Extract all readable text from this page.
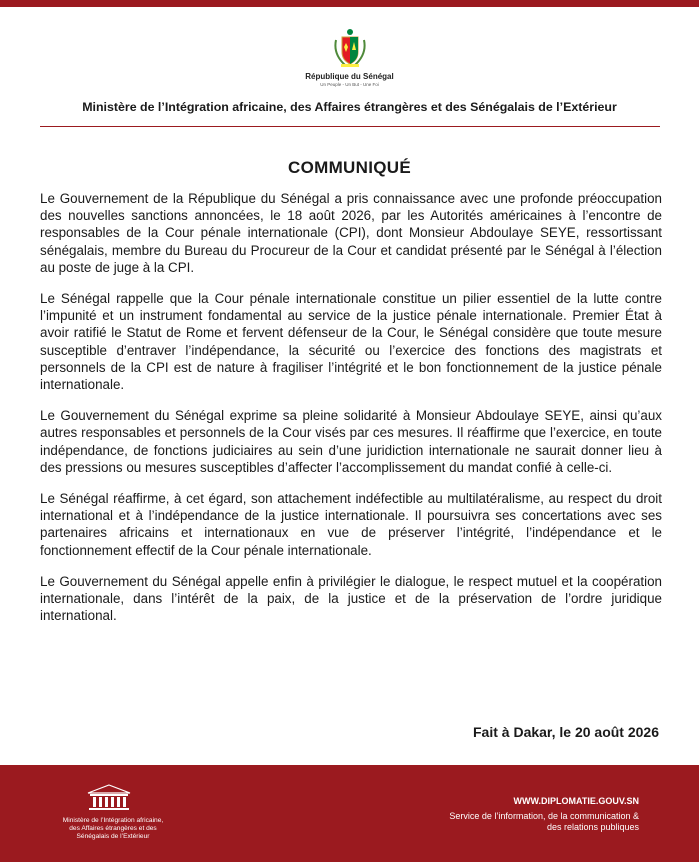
République du Sénégal
Un Peuple - Un But - Une Foi
Ministère de l’Intégration africaine, des Affaires étrangères et des Sénégalais de l’Extérieur
COMMUNIQUÉ

Le Gouvernement de la République du Sénégal a pris connaissance avec une profonde préoccupation des nouvelles sanctions annoncées, le 18 août 2026, par les Autorités américaines à l’encontre de responsables de la Cour pénale internationale (CPI), dont Monsieur Abdoulaye SEYE, ressortissant sénégalais, membre du Bureau du Procureur de la Cour et candidat présenté par le Sénégal à l’élection au poste de juge à la CPI.

Le Sénégal rappelle que la Cour pénale internationale constitue un pilier essentiel de la lutte contre l’impunité et un instrument fondamental au service de la justice pénale internationale. Premier État à avoir ratifié le Statut de Rome et fervent défenseur de la Cour, le Sénégal considère que toute mesure susceptible d’entraver l’indépendance, la sécurité ou l’exercice des fonctions des magistrats et personnels de la CPI est de nature à fragiliser l’intégrité et le bon fonctionnement de la justice pénale internationale.

Le Gouvernement du Sénégal exprime sa pleine solidarité à Monsieur Abdoulaye SEYE, ainsi qu’aux autres responsables et personnels de la Cour visés par ces mesures. Il réaffirme que l’exercice, en toute indépendance, de fonctions judiciaires au sein d’une juridiction internationale ne saurait donner lieu à des pressions ou mesures susceptibles d’affecter l’accomplissement du mandat confié à celle-ci.

Le Sénégal réaffirme, à cet égard, son attachement indéfectible au multilatéralisme, au respect du droit international et à l’indépendance de la justice internationale. Il poursuivra ses concertations avec ses partenaires africains et internationaux en vue de préserver l’intégrité, l’indépendance et le fonctionnement effectif de la Cour pénale internationale.

Le Gouvernement du Sénégal appelle enfin à privilégier le dialogue, le respect mutuel et la coopération internationale, dans l’intérêt de la paix, de la justice et de la préservation de l’ordre juridique international.

Fait à Dakar, le 20 août 2026
Ministère de l’Intégration africaine,
des Affaires étrangères et des
Sénégalais de l’Extérieur
WWW.DIPLOMATIE.GOUV.SN
Service de l’information, de la communication &
des relations publiques
